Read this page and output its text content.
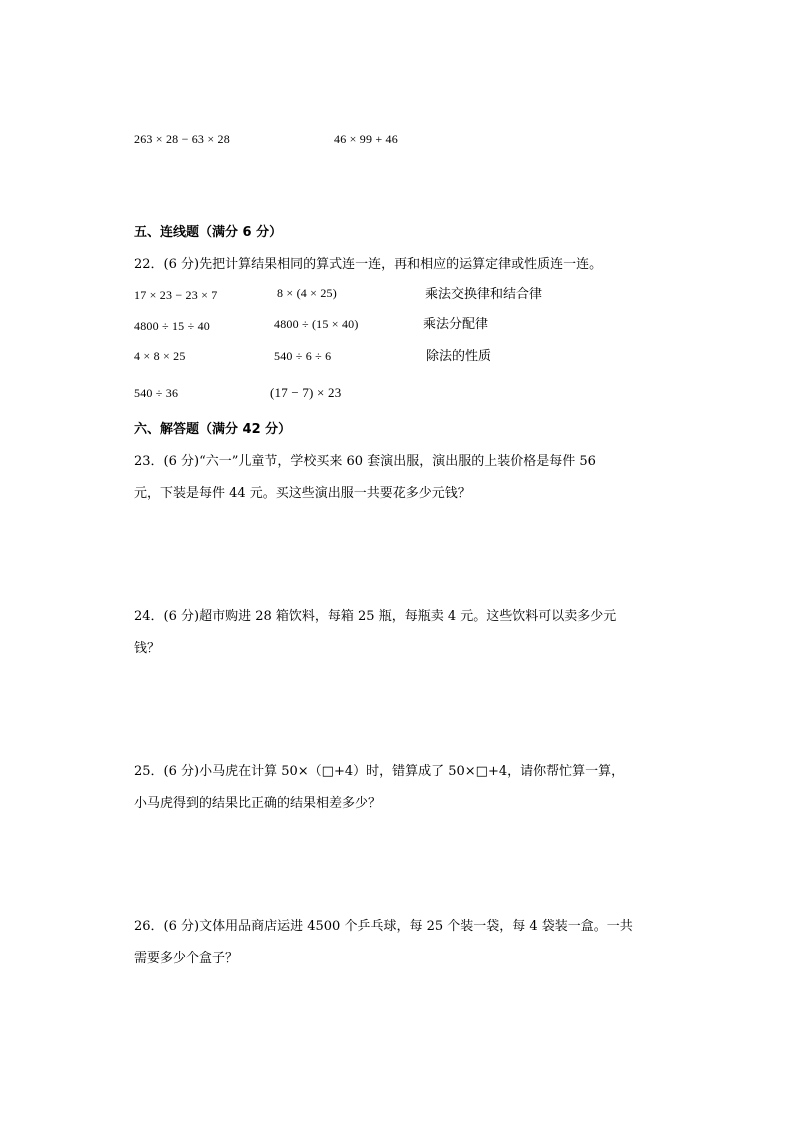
263 × 28 − 63 × 28	46 × 99 + 46
五、连线题（满分 6 分）
22．(6 分)先把计算结果相同的算式连一连，再和相应的运算定律或性质连一连。
17 × 23 − 23 × 7
4800 ÷ 15 ÷ 40
4 × 8 × 25
540 ÷ 36
8 × (4 × 25)
4800 ÷ (15 × 40)
540 ÷ 6 ÷ 6
(17 − 7) × 23
乘法交换律和结合律
乘法分配律
除法的性质
六、解答题（满分 42 分）
23．(6 分)“六一”儿童节，学校买来 60 套演出服，演出服的上装价格是每件 56
元，下装是每件 44 元。买这些演出服一共要花多少元钱？
24．(6 分)超市购进 28 箱饮料，每箱 25 瓶，每瓶卖 4 元。这些饮料可以卖多少元
钱？
25．(6 分)小马虎在计算 50×（□+4）时，错算成了 50×□+4，请你帮忙算一算，
小马虎得到的结果比正确的结果相差多少？
26．(6 分)文体用品商店运进 4500 个乒乓球，每 25 个装一袋，每 4 袋装一盒。一共
需要多少个盒子？
